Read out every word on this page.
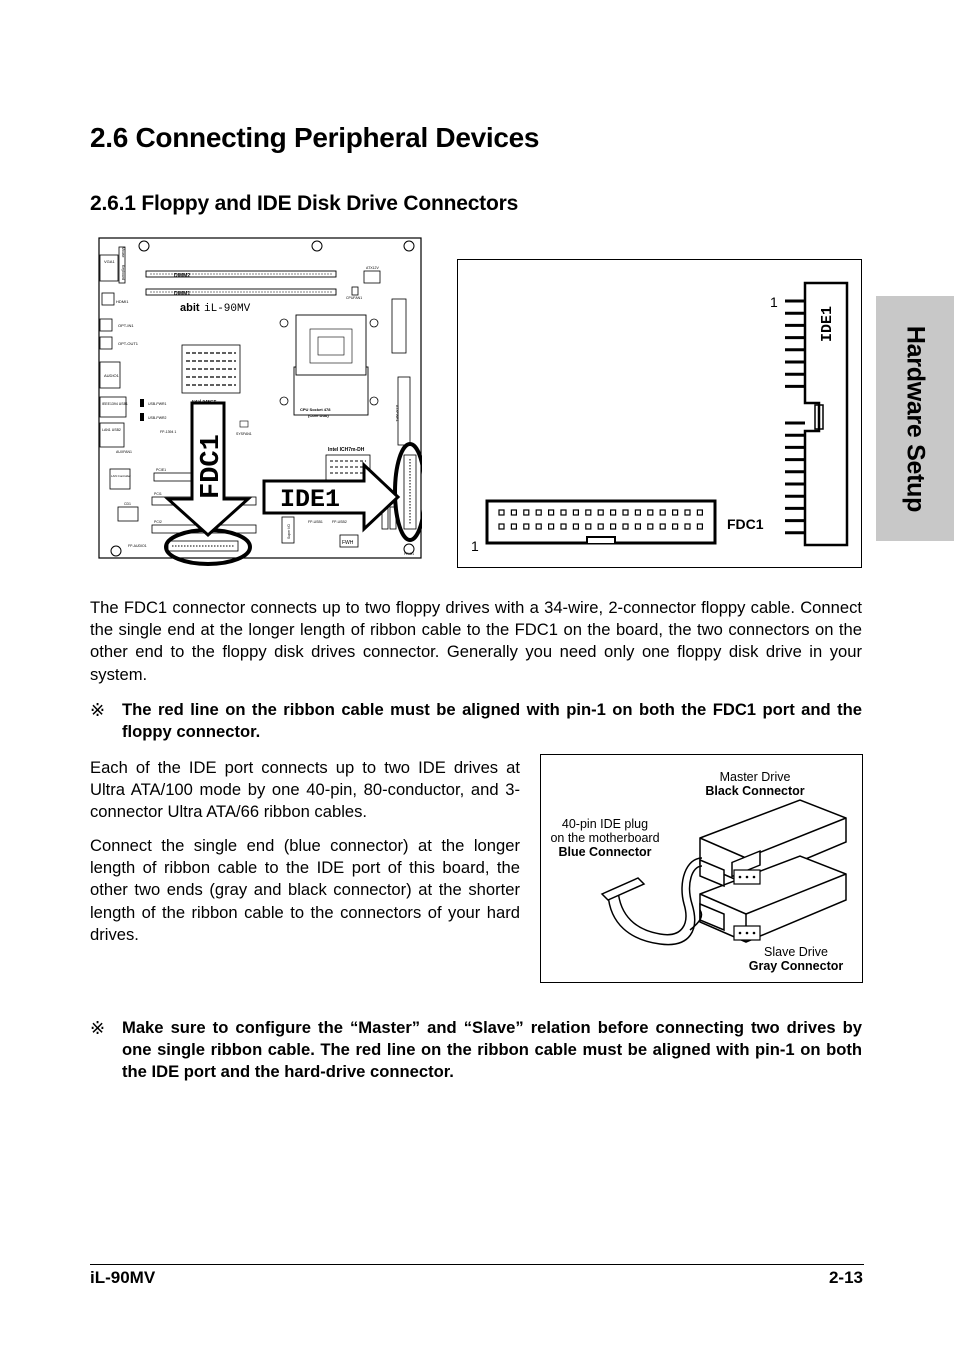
2.6 Connecting Peripheral Devices
2.6.1 Floppy and IDE Disk Drive Connectors
Hardware Setup
VGA1
Mouse
Keyboard
HDMI1
OPT-IN1
OPT-OUT1
AUDIO1
IEEE1394 USB1
LAN1 USB2
LAN Controller
DIMM2
DIMM1
abit iL-90MV
ATX12V
CPUFAN1
CPU Socket 478
(Core Duo)	ATXPWR1
USB-PWR1
USB-PWR2
FP-1394 1	SYSFAN1
AUXFAN1
PCIE1
PCI1
PCI2
CD1
FP-AUDIO1
FP-USB1	FP-USB2
FPIO1
Super I/O
FWH
Intel ICH7m-DH
FDC1
IDE1
IDE1
1
FDC1
1

The FDC1 connector connects up to two floppy drives with a 34-wire, 2-connector floppy cable. Connect the single end at the longer length of ribbon cable to the FDC1 on the board, the two connectors on the other end to the floppy disk drives connector. Generally you need only one floppy disk drive in your system.

※ The red line on the ribbon cable must be aligned with pin-1 on both the FDC1 port and the floppy connector.

Each of the IDE port connects up to two IDE drives at Ultra ATA/100 mode by one 40-pin, 80-conductor, and 3-connector Ultra ATA/66 ribbon cables.

Connect the single end (blue connector) at the longer length of ribbon cable to the IDE port of this board, the other two ends (gray and black connector) at the shorter length of the ribbon cable to the connectors of your hard drives.

Master Drive
Black Connector
40-pin IDE plug
on the motherboard
Blue Connector
Slave Drive
Gray Connector
※ Make sure to configure the “Master” and “Slave” relation before connecting two drives by one single ribbon cable. The red line on the ribbon cable must be aligned with pin-1 on both the IDE port and the hard-drive connector.
iL-90MV	2-13
